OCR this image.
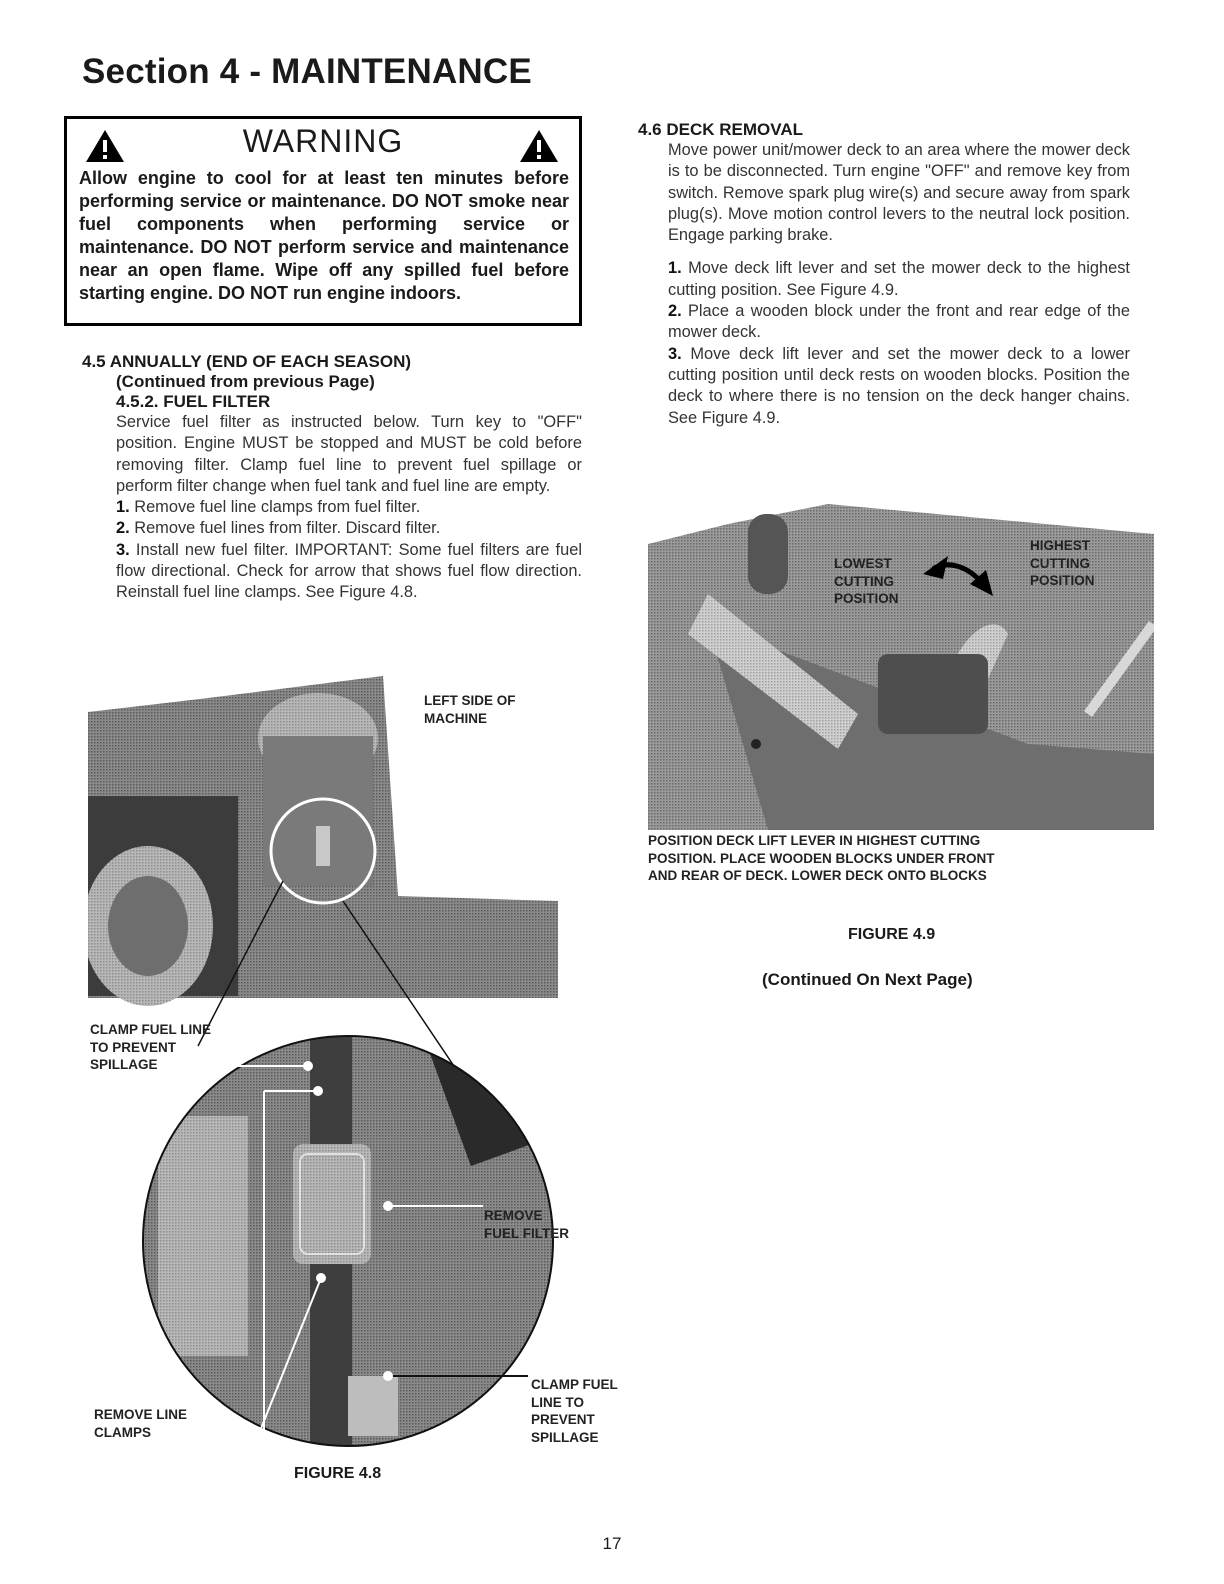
Section 4 - MAINTENANCE
WARNING
Allow engine to cool for at least ten minutes before performing service or maintenance. DO NOT smoke near fuel components when performing service or maintenance. DO NOT perform service and maintenance near an open flame. Wipe off any spilled fuel before starting engine. DO NOT run engine indoors.
4.5 ANNUALLY (END OF EACH SEASON)
(Continued from previous Page)
4.5.2. FUEL FILTER
Service fuel filter as instructed below. Turn key to "OFF" position. Engine MUST be stopped and MUST be cold before removing filter. Clamp fuel line to prevent fuel spillage or perform filter change when fuel tank and fuel line are empty.
1. Remove fuel line clamps from fuel filter.
2. Remove fuel lines from filter. Discard filter.
3. Install new fuel filter. IMPORTANT: Some fuel filters are fuel flow directional. Check for arrow that shows fuel flow direction. Reinstall fuel line clamps. See Figure 4.8.
4.6 DECK REMOVAL
Move power unit/mower deck to an area where the mower deck is to be disconnected. Turn engine "OFF" and remove key from switch. Remove spark plug wire(s) and secure away from spark plug(s). Move motion control levers to the neutral lock position. Engage parking brake.
1. Move deck lift lever and set the mower deck to the highest cutting position. See Figure 4.9.
2. Place a wooden block under the front and rear edge of the mower deck.
3. Move deck lift lever and set the mower deck to a lower cutting position until deck rests on wooden blocks. Position the deck to where there is no tension on the deck hanger chains. See Figure 4.9.
LEFT SIDE OF
MACHINE
CLAMP FUEL LINE
TO PREVENT
SPILLAGE
REMOVE
FUEL FILTER
CLAMP FUEL
LINE TO
PREVENT
SPILLAGE
REMOVE LINE
CLAMPS
FIGURE 4.8
LOWEST
CUTTING
POSITION
HIGHEST
CUTTING
POSITION
POSITION DECK LIFT LEVER IN HIGHEST CUTTING
POSITION. PLACE WOODEN BLOCKS UNDER FRONT
AND REAR OF DECK. LOWER DECK ONTO BLOCKS
FIGURE 4.9
(Continued On Next Page)
17
